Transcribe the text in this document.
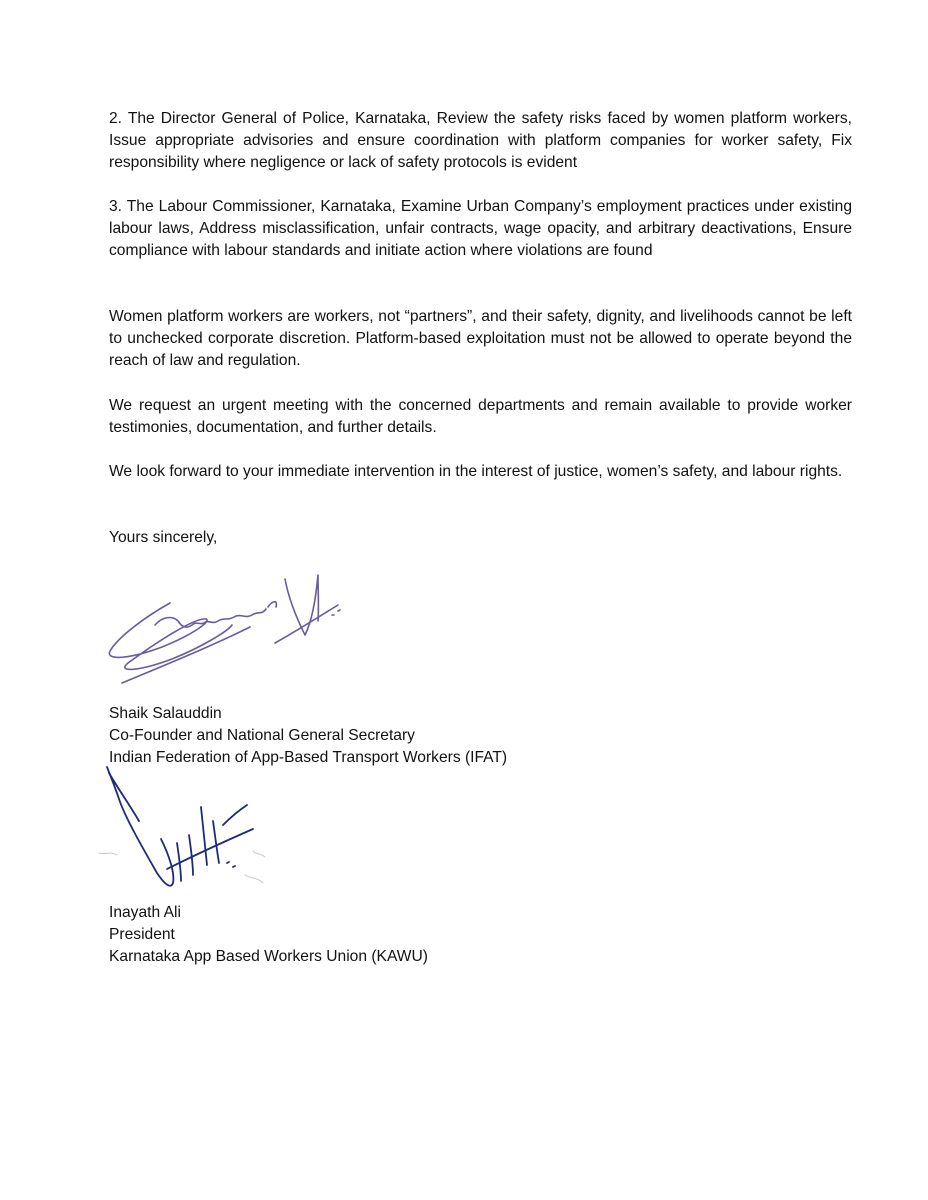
2. The Director General of Police, Karnataka, Review the safety risks faced by women platform workers, Issue appropriate advisories and ensure coordination with platform companies for worker safety, Fix responsibility where negligence or lack of safety protocols is evident

3. The Labour Commissioner, Karnataka, Examine Urban Company’s employment practices under existing labour laws, Address misclassification, unfair contracts, wage opacity, and arbitrary deactivations, Ensure compliance with labour standards and initiate action where violations are found

Women platform workers are workers, not “partners”, and their safety, dignity, and livelihoods cannot be left to unchecked corporate discretion. Platform-based exploitation must not be allowed to operate beyond the reach of law and regulation.

We request an urgent meeting with the concerned departments and remain available to provide worker testimonies, documentation, and further details.

We look forward to your immediate intervention in the interest of justice, women’s safety, and labour rights.

Yours sincerely,

Shaik Salauddin

Co-Founder and National General Secretary

Indian Federation of App-Based Transport Workers (IFAT)

Inayath Ali

President

Karnataka App Based Workers Union (KAWU)
